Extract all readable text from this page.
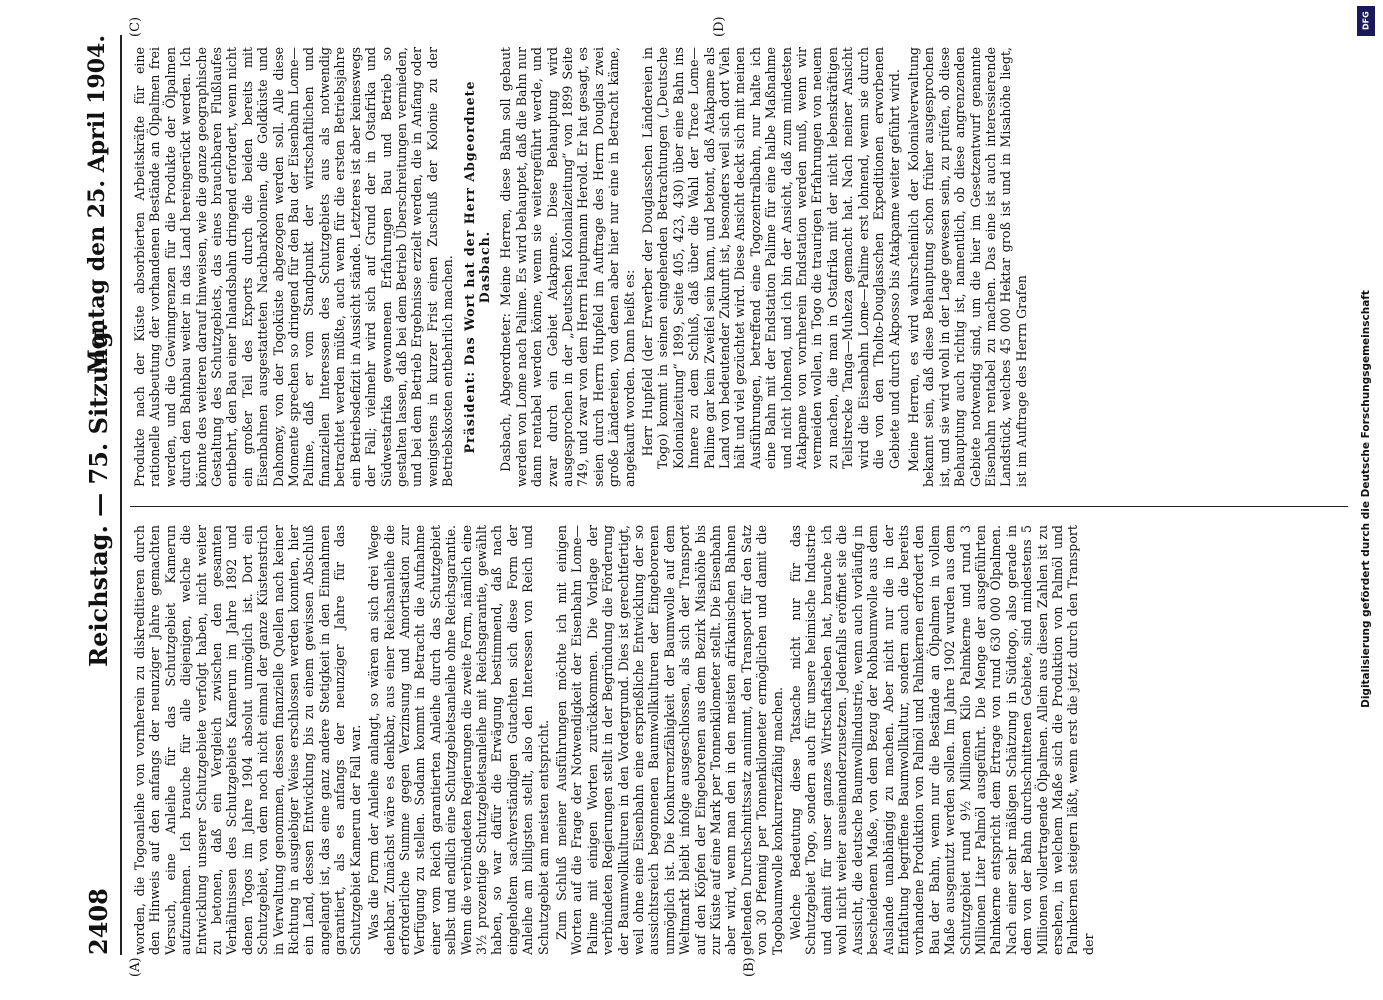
2408
Reichstag. — 75. Sitzung.
Montag den 25. April 1904.
(A)	(B)
(C)	(D)

worden, die Togoanleihe von vornherein zu diskreditieren durch den Hinweis auf den anfangs der neunziger Jahre gemachten Versuch, eine Anleihe für das Schutzgebiet Kamerun aufzunehmen. Ich brauche für alle diejenigen, welche die Entwicklung unserer Schutzgebiete verfolgt haben, nicht weiter zu betonen, daß ein Vergleich zwischen den gesamten Verhältnissen des Schutzgebiets Kamerun im Jahre 1892 und denen Togos im Jahre 1904 absolut unmöglich ist. Dort ein Schutzgebiet, von dem noch nicht einmal der ganze Küstenstrich in Verwaltung genommen, dessen finanzielle Quellen nach keiner Richtung in ausgiebiger Weise erschlossen werden konnten, hier ein Land, dessen Entwicklung bis zu einem gewissen Abschluß angelangt ist, das eine ganz andere Stetigkeit in den Einnahmen garantiert, als es anfangs der neunziger Jahre für das Schutzgebiet Kamerun der Fall war. Was die Form der Anleihe anlangt, so wären an sich drei Wege denkbar. Zunächst wäre es denkbar, aus einer Reichsanleihe die erforderliche Summe gegen Verzinsung und Amortisation zur Verfügung zu stellen. Sodann kommt in Betracht die Aufnahme einer vom Reich garantierten Anleihe durch das Schutzgebiet selbst und endlich eine Schutzgebietsanleihe ohne Reichsgarantie. Wenn die verbündeten Regierungen die zweite Form, nämlich eine 3½ prozentige Schutzgebietsanleihe mit Reichsgarantie, gewählt haben, so war dafür die Erwägung bestimmend, daß nach eingeholtem sachverständigen Gutachten sich diese Form der Anleihe am billigsten stellt, also den Interessen von Reich und Schutzgebiet am meisten entspricht. Zum Schluß meiner Ausführungen möchte ich mit einigen Worten auf die Frage der Notwendigkeit der Eisenbahn Lome—Palime mit einigen Worten zurückkommen. Die Vorlage der verbündeten Regierungen stellt in der Begründung die Förderung der Baumwollkulturen in den Vordergrund. Dies ist gerechtfertigt, weil ohne eine Eisenbahn eine ersprießliche Entwicklung der so aussichtsreich begonnenen Baumwollkulturen der Eingeborenen unmöglich ist. Die Konkurrenzfähigkeit der Baumwolle auf dem Weltmarkt bleibt infolge ausgeschlossen, als sich der Transport auf den Köpfen der Eingeborenen aus dem Bezirk Misahöhe bis zur Küste auf eine Mark per Tonnenkilometer stellt. Die Eisenbahn aber wird, wenn man den in den meisten afrikanischen Bahnen geltenden Durchschnittssatz annimmt, den Transport für den Satz von 30 Pfennig per Tonnenkilometer ermöglichen und damit die Togobaumwolle konkurrenzfähig machen. Welche Bedeutung diese Tatsache nicht nur für das Schutzgebiet Togo, sondern auch für unsere heimische Industrie und damit für unser ganzes Wirtschaftsleben hat, brauche ich wohl nicht weiter auseinanderzusetzen. Jedenfalls eröffnet sie die Aussicht, die deutsche Baumwollindustrie, wenn auch vorläufig in bescheidenem Maße, von dem Bezug der Rohbaumwolle aus dem Auslande unabhängig zu machen. Aber nicht nur die in der Entfaltung begriffene Baumwollkultur, sondern auch die bereits vorhandene Produktion von Palmöl und Palmkernen erfordert den Bau der Bahn, wenn nur die Bestände an Ölpalmen in vollem Maße ausgenutzt werden sollen. Im Jahre 1902 wurden aus dem Schutzgebiet rund 9½ Millionen Kilo Palmkerne und rund 3 Millionen Liter Palmöl ausgeführt. Die Menge der ausgeführten Palmkerne entspricht dem Ertrage von rund 630 000 Ölpalmen. Nach einer sehr mäßigen Schätzung in Südtogo, also gerade in dem von der Bahn durchschnittenen Gebiete, sind mindestens 5 Millionen vollertragende Ölpalmen. Allein aus diesen Zahlen ist zu ersehen, in welchem Maße sich die Produktion von Palmöl und Palmkernen steigern läßt, wenn erst die jetzt durch den Transport der

Produkte nach der Küste absorbierten Arbeitskräfte für eine rationelle Ausbeutung der vorhandenen Bestände an Ölpalmen frei werden, und die Gewinngrenzen für die Produkte der Ölpalmen durch den Bahnbau weiter in das Land hereingerückt werden. Ich könnte des weiteren darauf hinweisen, wie die ganze geographische Gestaltung des Schutzgebiets, das eines brauchbaren Flußlaufes entbehrt, den Bau einer Inlandsbahn dringend erfordert, wenn nicht ein großer Teil des Exports durch die beiden bereits mit Eisenbahnen ausgestatteten Nachbarkolonien, die Goldküste und Dahomey, von der Togoküste abgezogen werden soll. Alle diese Momente sprechen so dringend für den Bau der Eisenbahn Lome—Palime, daß er vom Standpunkt der wirtschaftlichen und finanziellen Interessen des Schutzgebiets aus als notwendig betrachtet werden müßte, auch wenn für die ersten Betriebsjahre ein Betriebsdefizit in Aussicht stände. Letzteres ist aber keineswegs der Fall; vielmehr wird sich auf Grund der in Ostafrika und Südwestafrika gewonnenen Erfahrungen Bau und Betrieb so gestalten lassen, daß bei dem Betrieb Überschreitungen vermieden, und bei dem Betrieb Ergebnisse erzielt werden, die in Anfang oder wenigstens in kurzer Frist einen Zuschuß der Kolonie zu der Betriebskosten entbehrlich machen. Präsident: Das Wort hat der Herr Abgeordnete Dasbach. Dasbach, Abgeordneter: Meine Herren, diese Bahn soll gebaut werden von Lome nach Palime. Es wird behauptet, daß die Bahn nur dann rentabel werden könne, wenn sie weitergeführt werde, und zwar durch ein Gebiet Atakpame. Diese Behauptung wird ausgesprochen in der „Deutschen Kolonialzeitung“ von 1899 Seite 749, und zwar von dem Herrn Hauptmann Herold. Er hat gesagt, es seien durch Herrn Hupfeld im Auftrage des Herrn Douglas zwei große Ländereien, von denen aber hier nur eine in Betracht käme, angekauft worden. Dann heißt es: Herr Hupfeld (der Erwerber der Douglasschen Ländereien in Togo) kommt in seinen eingehenden Betrachtungen („Deutsche Kolonialzeitung“ 1899, Seite 405, 423, 430) über eine Bahn ins Innere zu dem Schluß, daß über die Wahl der Trace Lome—Palime gar kein Zweifel sein kann, und betont, daß Atakpame als Land von bedeutender Zukunft ist, besonders weil sich dort Vieh hält und viel gezüchtet wird. Diese Ansicht deckt sich mit meinen Ausführungen, betreffend eine Togozentralbahn, nur halte ich eine Bahn mit der Endstation Palime für eine halbe Maßnahme und nicht lohnend, und ich bin der Ansicht, daß zum mindesten Atakpame von vornherein Endstation werden muß, wenn wir vermeiden wollen, in Togo die traurigen Erfahrungen von neuem zu machen, die man in Ostafrika mit der nicht lebenskräftigen Teilstrecke Tanga—Muheza gemacht hat. Nach meiner Ansicht wird die Eisenbahn Lome—Palime erst lohnend, wenn sie durch die von den Tholto-Douglasschen Expeditionen erworbenen Gebiete und durch Akposso bis Atakpame weiter geführt wird. Meine Herren, es wird wahrscheinlich der Kolonialverwaltung bekannt sein, daß diese Behauptung schon früher ausgesprochen ist, und sie wird wohl in der Lage gewesen sein, zu prüfen, ob diese Behauptung auch richtig ist, namentlich, ob diese angrenzenden Gebiete notwendig sind, um die hier im Gesetzentwurf genannte Eisenbahn rentabel zu machen. Das eine ist auch interessierende Landstück, welches 45 000 Hektar groß ist und in Misahöhe liegt, ist im Auftrage des Herrn Grafen

DFG
Digitalisierung gefördert durch die Deutsche Forschungsgemeinschaft
